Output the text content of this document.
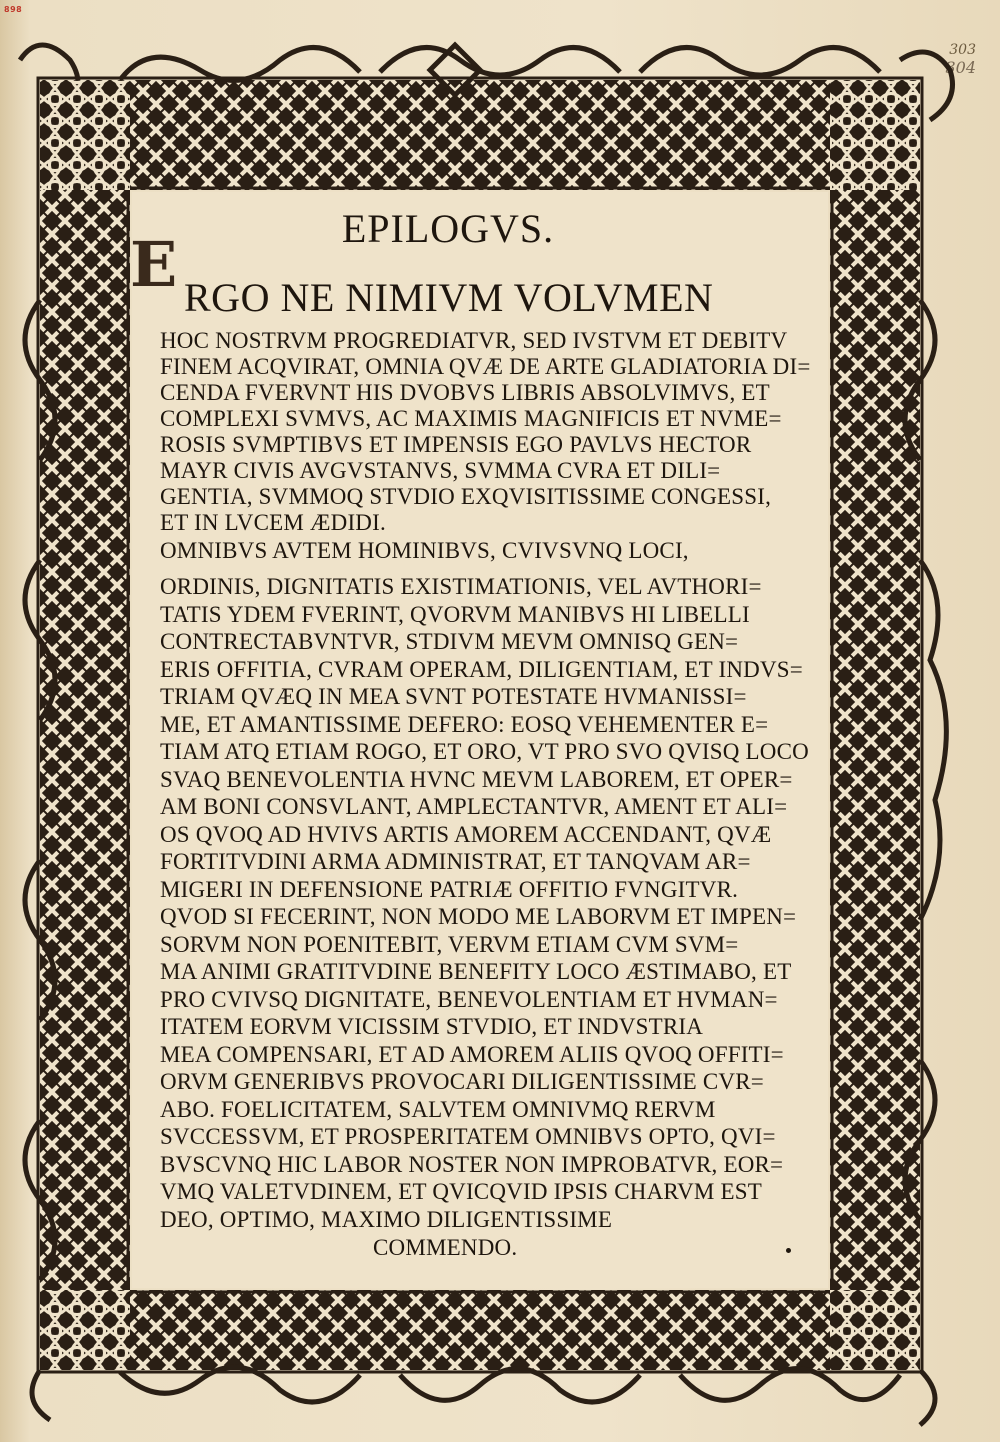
898
303
304
EPILOGVS.
E RGO NE NIMIVM VOLVMEN
HOC NOSTRVM PROGREDIATVR, SED IVSTVM ET DEBITV
FINEM ACQVIRAT, OMNIA QVÆ DE ARTE GLADIATORIA DI=
CENDA FVERVNT HIS DVOBVS LIBRIS ABSOLVIMVS, ET
COMPLEXI SVMVS, AC MAXIMIS MAGNIFICIS ET NVME=
ROSIS SVMPTIBVS ET IMPENSIS EGO PAVLVS HECTOR
MAYR CIVIS AVGVSTANVS, SVMMA CVRA ET DILI=
GENTIA, SVMMOQ STVDIO EXQVISITISSIME CONGESSI,
ET IN LVCEM ÆDIDI.
OMNIBVS AVTEM HOMINIBVS, CVIVSVNQ LOCI,
ORDINIS, DIGNITATIS EXISTIMATIONIS, VEL AVTHORI=
TATIS YDEM FVERINT, QVORVM MANIBVS HI LIBELLI
CONTRECTABVNTVR, STDIVM MEVM OMNISQ GEN=
ERIS OFFITIA, CVRAM OPERAM, DILIGENTIAM, ET INDVS=
TRIAM QVÆQ IN MEA SVNT POTESTATE HVMANISSI=
ME, ET AMANTISSIME DEFERO: EOSQ VEHEMENTER E=
TIAM ATQ ETIAM ROGO, ET ORO, VT PRO SVO QVISQ LOCO
SVAQ BENEVOLENTIA HVNC MEVM LABOREM, ET OPER=
AM BONI CONSVLANT, AMPLECTANTVR, AMENT ET ALI=
OS QVOQ AD HVIVS ARTIS AMOREM ACCENDANT, QVÆ
FORTITVDINI ARMA ADMINISTRAT, ET TANQVAM AR=
MIGERI IN DEFENSIONE PATRIÆ OFFITIO FVNGITVR.
QVOD SI FECERINT, NON MODO ME LABORVM ET IMPEN=
SORVM NON POENITEBIT, VERVM ETIAM CVM SVM=
MA ANIMI GRATITVDINE BENEFITY LOCO ÆSTIMABO, ET
PRO CVIVSQ DIGNITATE, BENEVOLENTIAM ET HVMAN=
ITATEM EORVM VICISSIM STVDIO, ET INDVSTRIA
MEA COMPENSARI, ET AD AMOREM ALIIS QVOQ OFFITI=
ORVM GENERIBVS PROVOCARI DILIGENTISSIME CVR=
ABO. FOELICITATEM, SALVTEM OMNIVMQ RERVM
SVCCESSVM, ET PROSPERITATEM OMNIBVS OPTO, QVI=
BVSCVNQ HIC LABOR NOSTER NON IMPROBATVR, EOR=
VMQ VALETVDINEM, ET QVICQVID IPSIS CHARVM EST
DEO, OPTIMO, MAXIMO DILIGENTISSIME
COMMENDO.
